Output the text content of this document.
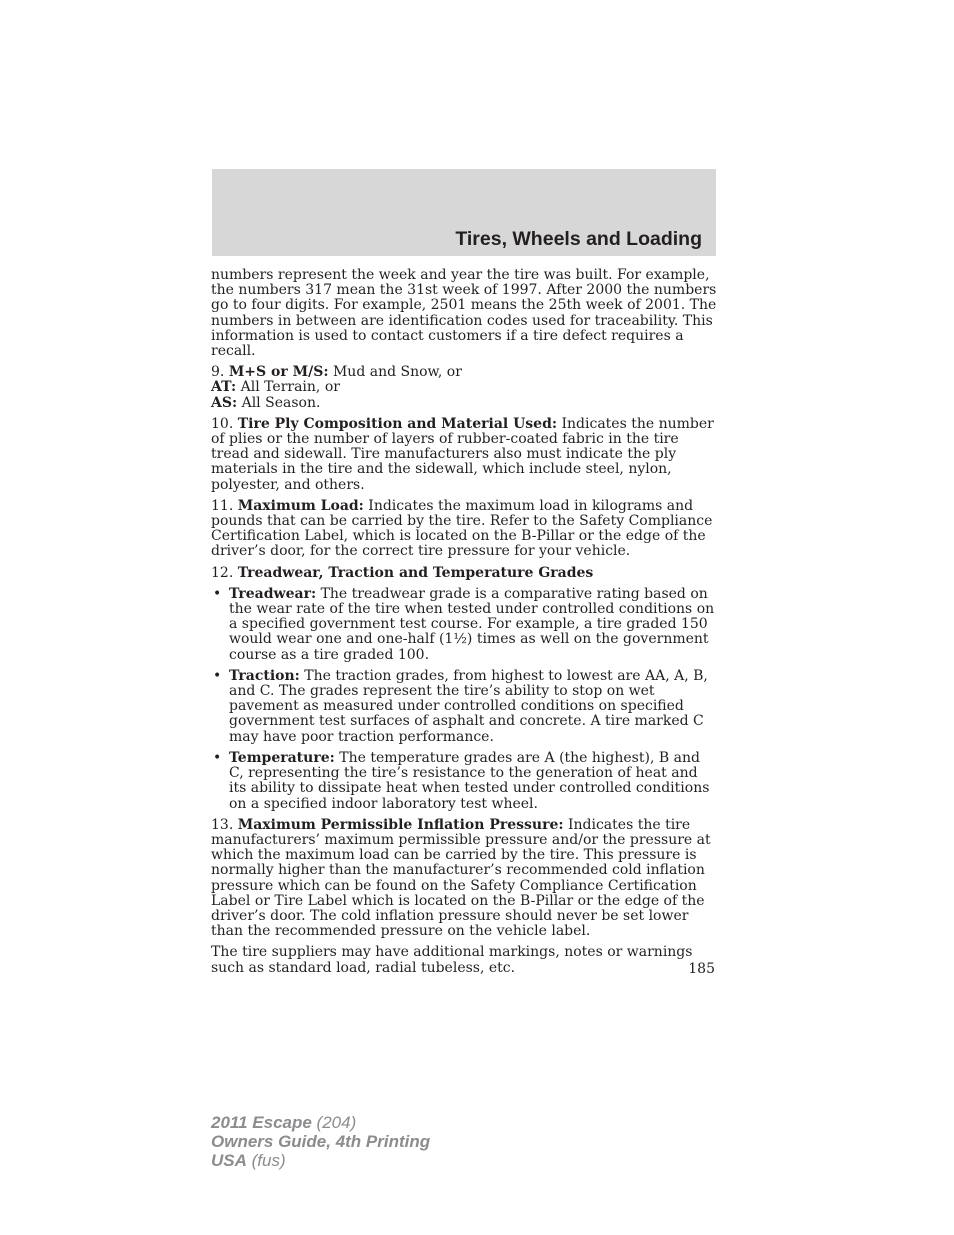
Tires, Wheels and Loading

numbers represent the week and year the tire was built. For example, the numbers 317 mean the 31st week of 1997. After 2000 the numbers go to four digits. For example, 2501 means the 25th week of 2001. The numbers in between are identification codes used for traceability. This information is used to contact customers if a tire defect requires a recall.

9. M+S or M/S: Mud and Snow, or
AT: All Terrain, or
AS: All Season.

10. Tire Ply Composition and Material Used: Indicates the number of plies or the number of layers of rubber-coated fabric in the tire tread and sidewall. Tire manufacturers also must indicate the ply materials in the tire and the sidewall, which include steel, nylon, polyester, and others.

11. Maximum Load: Indicates the maximum load in kilograms and pounds that can be carried by the tire. Refer to the Safety Compliance Certification Label, which is located on the B-Pillar or the edge of the driver’s door, for the correct tire pressure for your vehicle.

12. Treadwear, Traction and Temperature Grades

• Treadwear: The treadwear grade is a comparative rating based on the wear rate of the tire when tested under controlled conditions on a specified government test course. For example, a tire graded 150 would wear one and one-half (1½) times as well on the government course as a tire graded 100.
• Traction: The traction grades, from highest to lowest are AA, A, B, and C. The grades represent the tire’s ability to stop on wet pavement as measured under controlled conditions on specified government test surfaces of asphalt and concrete. A tire marked C may have poor traction performance.
• Temperature: The temperature grades are A (the highest), B and C, representing the tire’s resistance to the generation of heat and its ability to dissipate heat when tested under controlled conditions on a specified indoor laboratory test wheel.

13. Maximum Permissible Inflation Pressure: Indicates the tire manufacturers’ maximum permissible pressure and/or the pressure at which the maximum load can be carried by the tire. This pressure is normally higher than the manufacturer’s recommended cold inflation pressure which can be found on the Safety Compliance Certification Label or Tire Label which is located on the B-Pillar or the edge of the driver’s door. The cold inflation pressure should never be set lower than the recommended pressure on the vehicle label.

The tire suppliers may have additional markings, notes or warnings such as standard load, radial tubeless, etc.	185
2011 Escape (204)
Owners Guide, 4th Printing
USA (fus)
